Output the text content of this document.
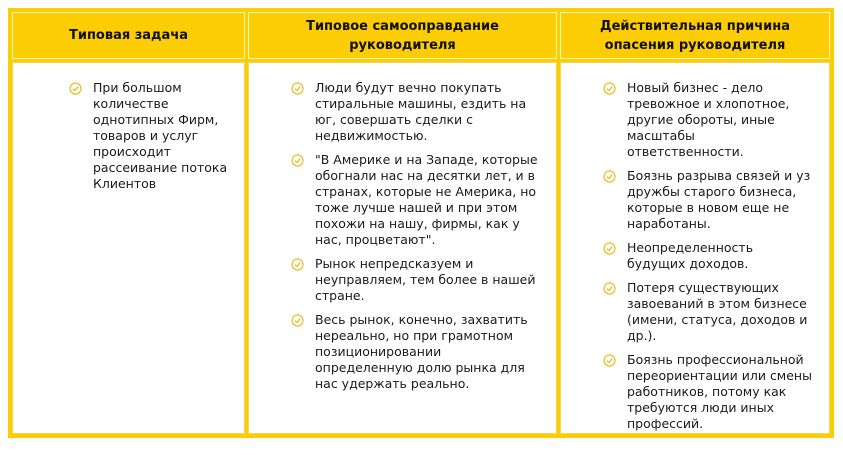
Типовая задача
Типовое самооправдание руководителя
Действительная причина опасения руководителя
При большом количестве однотипных Фирм, товаров и услуг происходит рассеивание потока Клиентов
Люди будут вечно покупать стиральные машины, ездить на юг, совершать сделки с недвижимостью.
"В Америке и на Западе, которые обогнали нас на десятки лет, и в странах, которые не Америка, но тоже лучше нашей и при этом похожи на нашу, фирмы, как у нас, процветают".
Рынок непредсказуем и неуправляем, тем более в нашей стране.
Весь рынок, конечно, захватить нереально, но при грамотном позиционировании определенную долю рынка для нас удержать реально.
Новый бизнес - дело тревожное и хлопотное, другие обороты, иные масштабы ответственности.
Боязнь разрыва связей и уз дружбы старого бизнеса, которые в новом еще не наработаны.
Неопределенность будущих доходов.
Потеря существующих завоеваний в этом бизнесе (имени, статуса, доходов и др.).
Боязнь профессиональной переориентации или смены работников, потому как требуются люди иных профессий.
